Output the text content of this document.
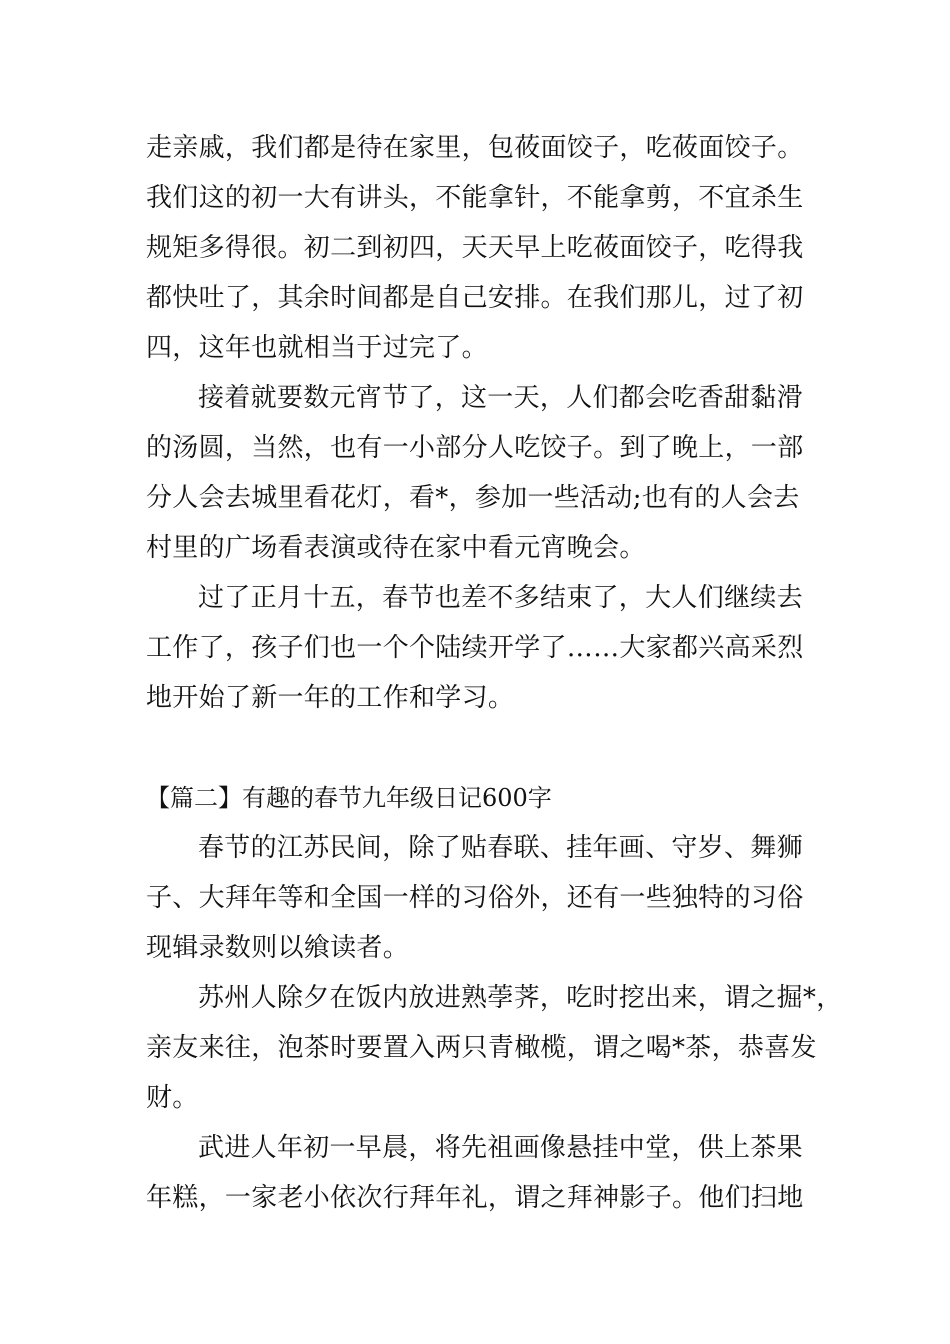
走亲戚，我们都是待在家里，包莜面饺子，吃莜面饺子。
我们这的初一大有讲头，不能拿针，不能拿剪，不宜杀生
规矩多得很。初二到初四，天天早上吃莜面饺子，吃得我
都快吐了，其余时间都是自己安排。在我们那儿，过了初
四，这年也就相当于过完了。
接着就要数元宵节了，这一天，人们都会吃香甜黏滑
的汤圆，当然，也有一小部分人吃饺子。到了晚上，一部
分人会去城里看花灯，看*，参加一些活动;也有的人会去
村里的广场看表演或待在家中看元宵晚会。
过了正月十五，春节也差不多结束了，大人们继续去
工作了，孩子们也一个个陆续开学了……大家都兴高采烈
地开始了新一年的工作和学习。
【篇二】有趣的春节九年级日记600字
春节的江苏民间，除了贴春联、挂年画、守岁、舞狮
子、大拜年等和全国一样的习俗外，还有一些独特的习俗
现辑录数则以飨读者。
苏州人除夕在饭内放进熟荸荠，吃时挖出来，谓之掘*，
亲友来往，泡茶时要置入两只青橄榄，谓之喝*茶，恭喜发
财。
武进人年初一早晨，将先祖画像悬挂中堂，供上茶果
年糕，一家老小依次行拜年礼，谓之拜神影子。他们扫地
